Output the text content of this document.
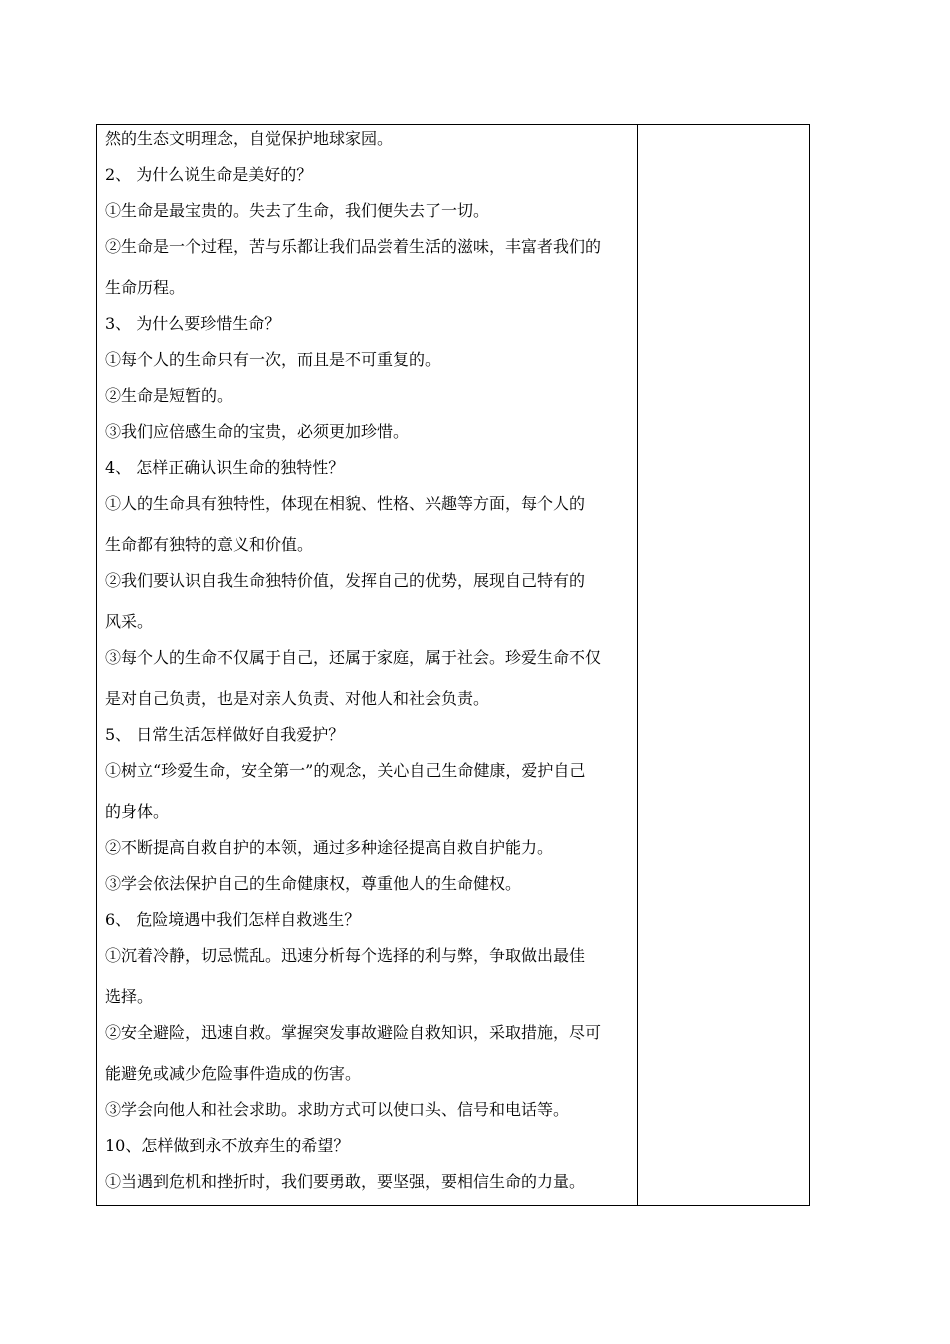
然的生态文明理念，自觉保护地球家园。
2、 为什么说生命是美好的？
①生命是最宝贵的。失去了生命，我们便失去了一切。
②生命是一个过程，苦与乐都让我们品尝着生活的滋味，丰富者我们的
生命历程。
3、 为什么要珍惜生命？
①每个人的生命只有一次，而且是不可重复的。
②生命是短暂的。
③我们应倍感生命的宝贵，必须更加珍惜。
4、 怎样正确认识生命的独特性？
①人的生命具有独特性，体现在相貌、性格、兴趣等方面，每个人的
生命都有独特的意义和价值。
②我们要认识自我生命独特价值，发挥自己的优势，展现自己特有的
风采。
③每个人的生命不仅属于自己，还属于家庭，属于社会。珍爱生命不仅
是对自己负责，也是对亲人负责、对他人和社会负责。
5、 日常生活怎样做好自我爱护？
①树立“珍爱生命，安全第一”的观念，关心自己生命健康，爱护自己
的身体。
②不断提高自救自护的本领，通过多种途径提高自救自护能力。
③学会依法保护自己的生命健康权，尊重他人的生命健权。
6、 危险境遇中我们怎样自救逃生？
①沉着冷静，切忌慌乱。迅速分析每个选择的利与弊，争取做出最佳
选择。
②安全避险，迅速自救。掌握突发事故避险自救知识，采取措施，尽可
能避免或减少危险事件造成的伤害。
③学会向他人和社会求助。求助方式可以使口头、信号和电话等。
10、怎样做到永不放弃生的希望？
①当遇到危机和挫折时，我们要勇敢，要坚强，要相信生命的力量。
